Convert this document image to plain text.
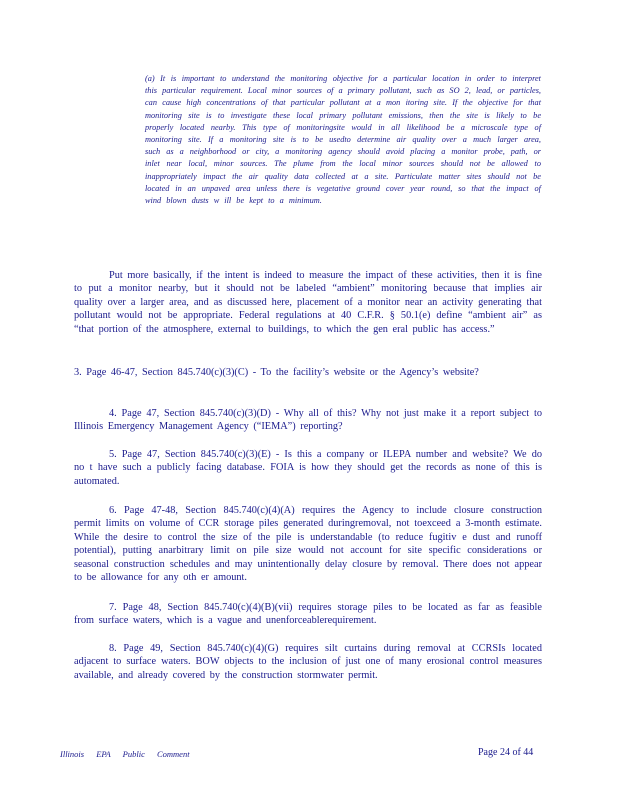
(a) It is important to understand the monitoring objective for a particular location in order to interpret this particular requirement. Local minor sources of a primary pollutant, such as SO 2, lead, or particles, can cause high concentrations of that particular pollutant at a mon itoring site. If the objective for that monitoring site is to investigate these local primary pollutant emissions, then the site is likely to be properly located nearby. This type of monitoringsite would in all likelihood be a microscale type of monitoring site. If a monitoring site is to be usedto determine air quality over a much larger area, such as a neighborhood or city, a monitoring agency should avoid placing a monitor probe, path, or inlet near local, minor sources. The plume from the local minor sources should not be allowed to inappropriately impact the air quality data collected at a site. Particulate matter sites should not be located in an unpaved area unless there is vegetative ground cover year round, so that the impact of wind blown dusts w ill be kept to a minimum.
Put more basically, if the intent is indeed to measure the impact of these activities, then it is fine to put a monitor nearby, but it should not be labeled “ambient” monitoring because that implies air quality over a larger area, and as discussed here, placement of a monitor near an activity generating that pollutant would not be appropriate. Federal regulations at 40 C.F.R. § 50.1(e) define “ambient air” as “that portion of the atmosphere, external to buildings, to which the gen eral public has access.”
3. Page 46-47, Section 845.740(c)(3)(C) - To the facility’s website or the Agency’s website?
4. Page 47, Section 845.740(c)(3)(D) - Why all of this? Why not just make it a report subject to Illinois Emergency Management Agency (“IEMA”) reporting?
5. Page 47, Section 845.740(c)(3)(E) - Is this a company or ILEPA number and website? We do no t have such a publicly facing database. FOIA is how they should get the records as none of this is automated.
6. Page 47-48, Section 845.740(c)(4)(A) requires the Agency to include closure construction permit limits on volume of CCR storage piles generated duringremoval, not toexceed a 3-month estimate. While the desire to control the size of the pile is understandable (to reduce fugitiv e dust and runoff potential), putting anarbitrary limit on pile size would not account for site specific considerations or seasonal construction schedules and may unintentionally delay closure by removal. There does not appear to be allowance for any oth er amount.
7. Page 48, Section 845.740(c)(4)(B)(vii) requires storage piles to be located as far as feasible from surface waters, which is a vague and unenforceablerequirement.
8. Page 49, Section 845.740(c)(4)(G) requires silt curtains during removal at CCRSIs located adjacent to surface waters. BOW objects to the inclusion of just one of many erosional control measures available, and already covered by the construction stormwater permit.
Illinois EPA Public Comment	Page 24 of 44
